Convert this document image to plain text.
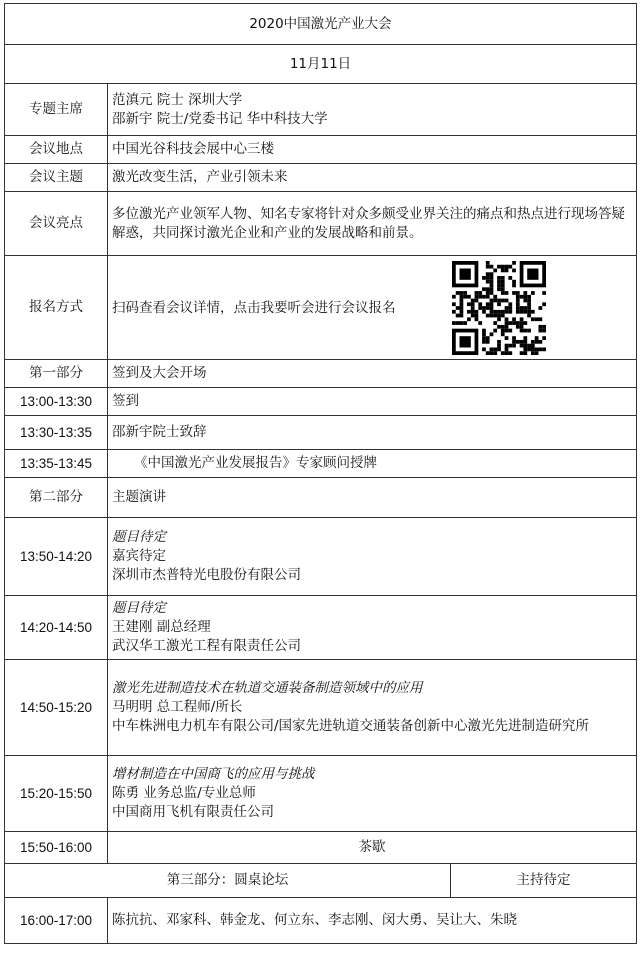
2020中国激光产业大会		
11月11日		
专题主席	范滇元 院士 深圳大学
邵新宇 院士/党委书记 华中科技大学	

会议地点	中国光谷科技会展中心三楼	
会议主题	激光改变生活，产业引领未来	
会议亮点	多位激光产业领军人物、知名专家将针对众多颇受业界关注的痛点和热点进行现场答疑解惑，共同探讨激光企业和产业的发展战略和前景。	
报名方式	扫码查看会议详情，点击我要听会进行会议报名	

第一部分	签到及大会开场	
13:00-13:30	签到	
13:30-13:35	邵新宇院士致辞	
13:35-13:45	《中国激光产业发展报告》专家顾问授牌	
第二部分	主题演讲	
13:50-14:20	题目待定
嘉宾待定
深圳市杰普特光电股份有限公司	

14:20-14:50	题目待定
王建刚 副总经理
武汉华工激光工程有限责任公司	

14:50-15:20	激光先进制造技术在轨道交通装备制造领域中的应用
马明明 总工程师/所长
中车株洲电力机车有限公司/国家先进轨道交通装备创新中心激光先进制造研究所	

15:20-15:50	增材制造在中国商飞的应用与挑战
陈勇 业务总监/专业总师
中国商用飞机有限责任公司	

15:50-16:00	茶歇	
第三部分：圆桌论坛		主持待定
16:00-17:00	陈抗抗、邓家科、韩金龙、何立东、李志刚、闵大勇、吴让大、朱晓	
